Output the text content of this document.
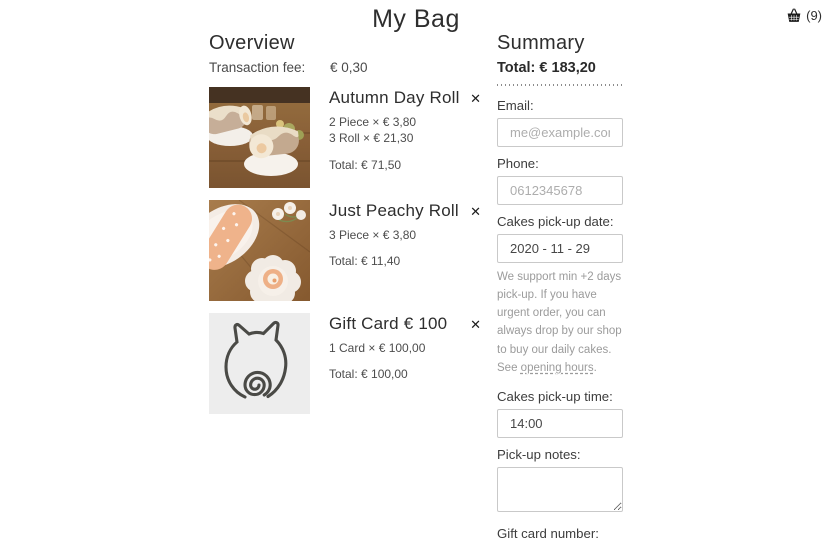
My Bag	(9)
Overview
Transaction fee:	€ 0,30
Autumn Day Roll
2 Piece × € 3,80
3 Roll × € 21,30
Total: € 71,50
✕
Just Peachy Roll
3 Piece × € 3,80
Total: € 11,40
✕
Gift Card € 100
1 Card × € 100,00
Total: € 100,00
✕
Summary
Total: € 183,20
Email:
me@example.com
Phone:
0612345678
Cakes pick-up date:
2020 - 11 - 29

We support min +2 days pick-up. If you have urgent order, you can always drop by our shop to buy our daily cakes. See opening hours.

Cakes pick-up time:
14:00
Pick-up notes:
Gift card number:
